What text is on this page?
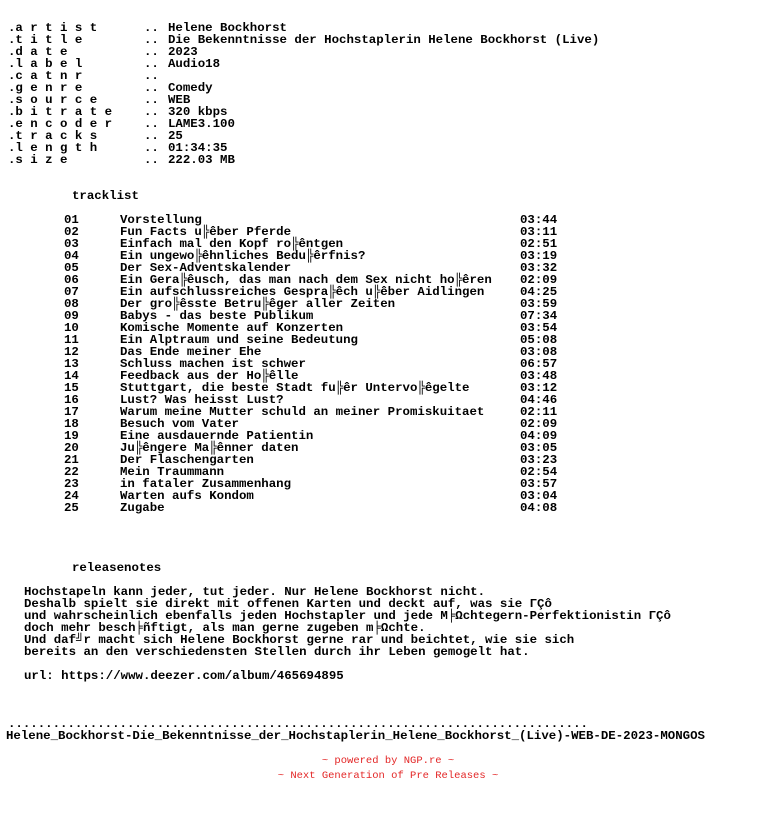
.a r t i s t	.. Helene Bockhorst
.t i t l e	.. Die Bekenntnisse der Hochstaplerin Helene Bockhorst (Live)
.d a t e	.. 2023
.l a b e l	.. Audio18
.c a t n r	..
.g e n r e	.. Comedy
.s o u r c e	.. WEB
.b i t r a t e	.. 320 kbps
.e n c o d e r	.. LAME3.100
.t r a c k s	.. 25
.l e n g t h	.. 01:34:35
.s i z e	.. 222.03 MB
tracklist
01	Vorstellung	03:44
02	Fun Facts u╠êber Pferde	03:11
03	Einfach mal den Kopf ro╠êntgen	02:51
04	Ein ungewo╠êhnliches Bedu╠êrfnis?	03:19
05	Der Sex-Adventskalender	03:32
06	Ein Gera╠êusch, das man nach dem Sex nicht ho╠êren 02:09
07	Ein aufschlussreiches Gespra╠êch u╠êber Aidlingen	04:25
08	Der gro╠êsste Betru╠êger aller Zeiten	03:59
09	Babys - das beste Publikum	07:34
10	Komische Momente auf Konzerten	03:54
11	Ein Alptraum und seine Bedeutung	05:08
12	Das Ende meiner Ehe	03:08
13	Schluss machen ist schwer	06:57
14	Feedback aus der Ho╠êlle	03:48
15	Stuttgart, die beste Stadt fu╠êr Untervo╠êgelte	03:12
16	Lust? Was heisst Lust?	04:46
17	Warum meine Mutter schuld an meiner Promiskuitaet	02:11
18	Besuch vom Vater	02:09
19	Eine ausdauernde Patientin	04:09
20	Ju╠êngere Ma╠ênner daten	03:05
21	Der Flaschengarten	03:23
22	Mein Traummann	02:54
23	in fataler Zusammenhang	03:57
24	Warten aufs Kondom	03:04
25	Zugabe	04:08
releasenotes
Hochstapeln kann jeder, tut jeder. Nur Helene Bockhorst nicht.
Deshalb spielt sie direkt mit offenen Karten und deckt auf, was sie ΓÇô
und wahrscheinlich ebenfalls jeden Hochstapler und jede M╞Ωchtegern-Perfektionistin ΓÇô
doch mehr besch╞ñftigt, als man gerne zugeben m╞Ωchte.
Und daf╝r macht sich Helene Bockhorst gerne rar und beichtet, wie sie sich
bereits an den verschiedensten Stellen durch ihr Leben gemogelt hat.
url: https://www.deezer.com/album/465694895
..............................................................................
Helene_Bockhorst-Die_Bekenntnisse_der_Hochstaplerin_Helene_Bockhorst_(Live)-WEB-DE-2023-MONGOS
~ powered by NGP.re ~
~ Next Generation of Pre Releases ~
